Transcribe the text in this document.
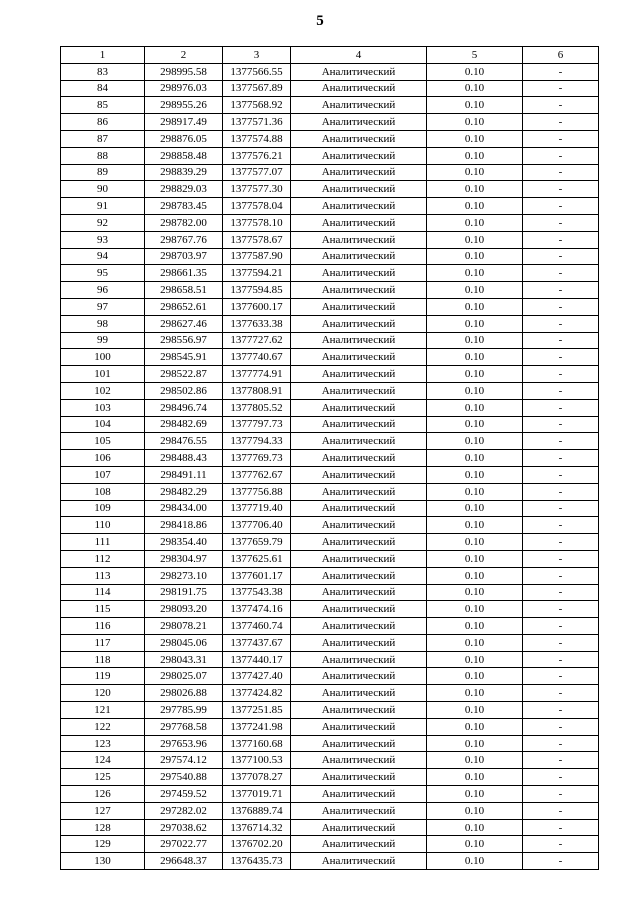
5
1	2	3	4	5	6
83	298995.58	1377566.55	Аналитический	0.10	-
84	298976.03	1377567.89	Аналитический	0.10	-
85	298955.26	1377568.92	Аналитический	0.10	-
86	298917.49	1377571.36	Аналитический	0.10	-
87	298876.05	1377574.88	Аналитический	0.10	-
88	298858.48	1377576.21	Аналитический	0.10	-
89	298839.29	1377577.07	Аналитический	0.10	-
90	298829.03	1377577.30	Аналитический	0.10	-
91	298783.45	1377578.04	Аналитический	0.10	-
92	298782.00	1377578.10	Аналитический	0.10	-
93	298767.76	1377578.67	Аналитический	0.10	-
94	298703.97	1377587.90	Аналитический	0.10	-
95	298661.35	1377594.21	Аналитический	0.10	-
96	298658.51	1377594.85	Аналитический	0.10	-
97	298652.61	1377600.17	Аналитический	0.10	-
98	298627.46	1377633.38	Аналитический	0.10	-
99	298556.97	1377727.62	Аналитический	0.10	-
100	298545.91	1377740.67	Аналитический	0.10	-
101	298522.87	1377774.91	Аналитический	0.10	-
102	298502.86	1377808.91	Аналитический	0.10	-
103	298496.74	1377805.52	Аналитический	0.10	-
104	298482.69	1377797.73	Аналитический	0.10	-
105	298476.55	1377794.33	Аналитический	0.10	-
106	298488.43	1377769.73	Аналитический	0.10	-
107	298491.11	1377762.67	Аналитический	0.10	-
108	298482.29	1377756.88	Аналитический	0.10	-
109	298434.00	1377719.40	Аналитический	0.10	-
110	298418.86	1377706.40	Аналитический	0.10	-
111	298354.40	1377659.79	Аналитический	0.10	-
112	298304.97	1377625.61	Аналитический	0.10	-
113	298273.10	1377601.17	Аналитический	0.10	-
114	298191.75	1377543.38	Аналитический	0.10	-
115	298093.20	1377474.16	Аналитический	0.10	-
116	298078.21	1377460.74	Аналитический	0.10	-
117	298045.06	1377437.67	Аналитический	0.10	-
118	298043.31	1377440.17	Аналитический	0.10	-
119	298025.07	1377427.40	Аналитический	0.10	-
120	298026.88	1377424.82	Аналитический	0.10	-
121	297785.99	1377251.85	Аналитический	0.10	-
122	297768.58	1377241.98	Аналитический	0.10	-
123	297653.96	1377160.68	Аналитический	0.10	-
124	297574.12	1377100.53	Аналитический	0.10	-
125	297540.88	1377078.27	Аналитический	0.10	-
126	297459.52	1377019.71	Аналитический	0.10	-
127	297282.02	1376889.74	Аналитический	0.10	-
128	297038.62	1376714.32	Аналитический	0.10	-
129	297022.77	1376702.20	Аналитический	0.10	-
130	296648.37	1376435.73	Аналитический	0.10	-
